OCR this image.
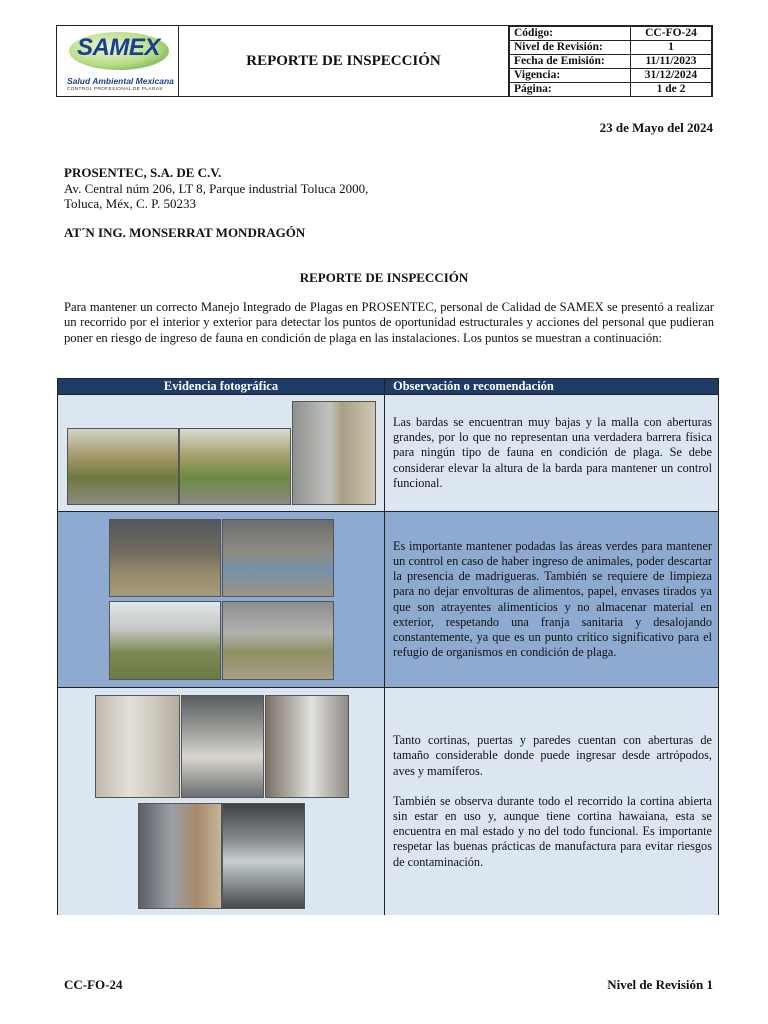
SAMEX
Salud Ambiental Mexicana
CONTROL PROFESIONAL DE PLAGAS
REPORTE DE INSPECCIÓN
Código:	CC-FO-24
Nivel de Revisión:	1
Fecha de Emisión:	11/11/2023
Vigencia:	31/12/2024
Página:	1 de 2
23 de Mayo del 2024
PROSENTEC, S.A. DE C.V.
Av. Central núm 206, LT 8, Parque industrial Toluca 2000,
Toluca, Méx, C. P. 50233
AT´N ING. MONSERRAT MONDRAGÓN
REPORTE DE INSPECCIÓN
Para mantener un correcto Manejo Integrado de Plagas en PROSENTEC, personal de Calidad de SAMEX se presentó a realizar un recorrido por el interior y exterior para detectar los puntos de oportunidad estructurales y acciones del personal que pudieran poner en riesgo de ingreso de fauna en condición de plaga en las instalaciones. Los puntos se muestran a continuación:
Evidencia fotográfica	Observación o recomendación

Las bardas se encuentran muy bajas y la malla con aberturas grandes, por lo que no representan una verdadera barrera física para ningún tipo de fauna en condición de plaga. Se debe considerar elevar la altura de la barda para mantener un control funcional.

Es importante mantener podadas las áreas verdes para mantener un control en caso de haber ingreso de animales, poder descartar la presencia de madrigueras. También se requiere de limpieza para no dejar envolturas de alimentos, papel, envases tirados ya que son atrayentes alimenticios y no almacenar material en exterior, respetando una franja sanitaria y desalojando constantemente, ya que es un punto crítico significativo para el refugio de organismos en condición de plaga.

Tanto cortinas, puertas y paredes cuentan con aberturas de tamaño considerable donde puede ingresar desde artrópodos, aves y mamíferos.

También se observa durante todo el recorrido la cortina abierta sin estar en uso y, aunque tiene cortina hawaiana, esta se encuentra en mal estado y no del todo funcional. Es importante respetar las buenas prácticas de manufactura para evitar riesgos de contaminación.

CC-FO-24	Nivel de Revisión 1
